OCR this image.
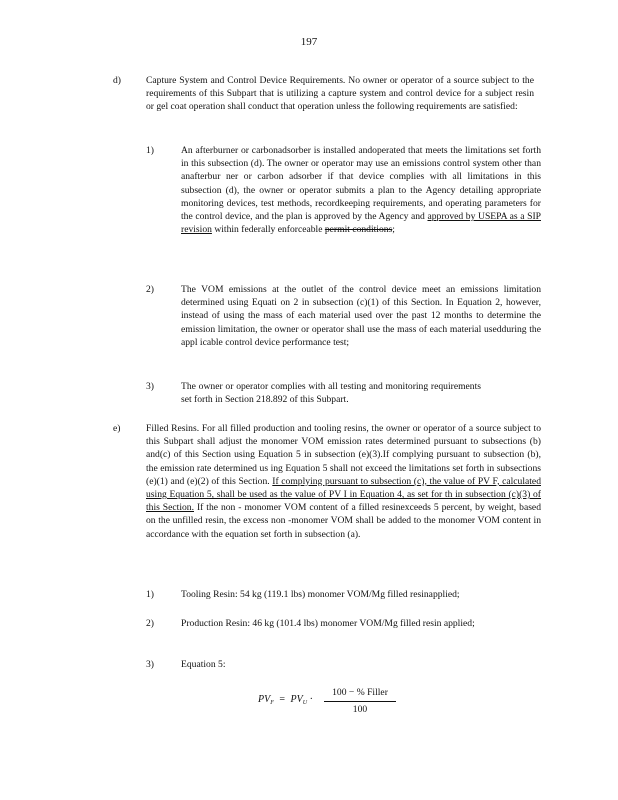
197
d)	Capture System and Control Device Requirements. No owner or operator of a source subject to the requirements of this Subpart that is utilizing a capture system and control device for a subject resin or gel coat operation shall conduct that operation unless the following requirements are satisfied:
1)	An afterburner or carbonadsorber is installed andoperated that meets the limitations set forth in this subsection (d). The owner or operator may use an emissions control system other than anafterbur ner or carbon adsorber if that device complies with all limitations in this subsection (d), the owner or operator submits a plan to the Agency detailing appropriate monitoring devices, test methods, recordkeeping requirements, and operating parameters for the control device, and the plan is approved by the Agency and approved by USEPA as a SIP revision within federally enforceable permit conditions;
2)	The VOM emissions at the outlet of the control device meet an emissions limitation determined using Equati on 2 in subsection (c)(1) of this Section. In Equation 2, however, instead of using the mass of each material used over the past 12 months to determine the emission limitation, the owner or operator shall use the mass of each material usedduring the appl icable control device performance test;
3)	The owner or operator complies with all testing and monitoring requirements set forth in Section 218.892 of this Subpart.
e)	Filled Resins. For all filled production and tooling resins, the owner or operator of a source subject to this Subpart shall adjust the monomer VOM emission rates determined pursuant to subsections (b) and(c) of this Section using Equation 5 in subsection (e)(3).If complying pursuant to subsection (b), the emission rate determined us ing Equation 5 shall not exceed the limitations set forth in subsections (e)(1) and (e)(2) of this Section. If complying pursuant to subsection (c), the value of PV F, calculated using Equation 5, shall be used as the value of PV I in Equation 4, as set for th in subsection (c)(3) of this Section. If the non - monomer VOM content of a filled resinexceeds 5 percent, by weight, based on the unfilled resin, the excess non -monomer VOM shall be added to the monomer VOM content in accordance with the equation set forth in subsection (a).
1)	Tooling Resin: 54 kg (119.1 lbs) monomer VOM/Mg filled resinapplied;
2)	Production Resin: 46 kg (101.4 lbs) monomer VOM/Mg filled resin applied;
3)	Equation 5:
$PV_F = PV_U$ ·
100 − % Filler
100
